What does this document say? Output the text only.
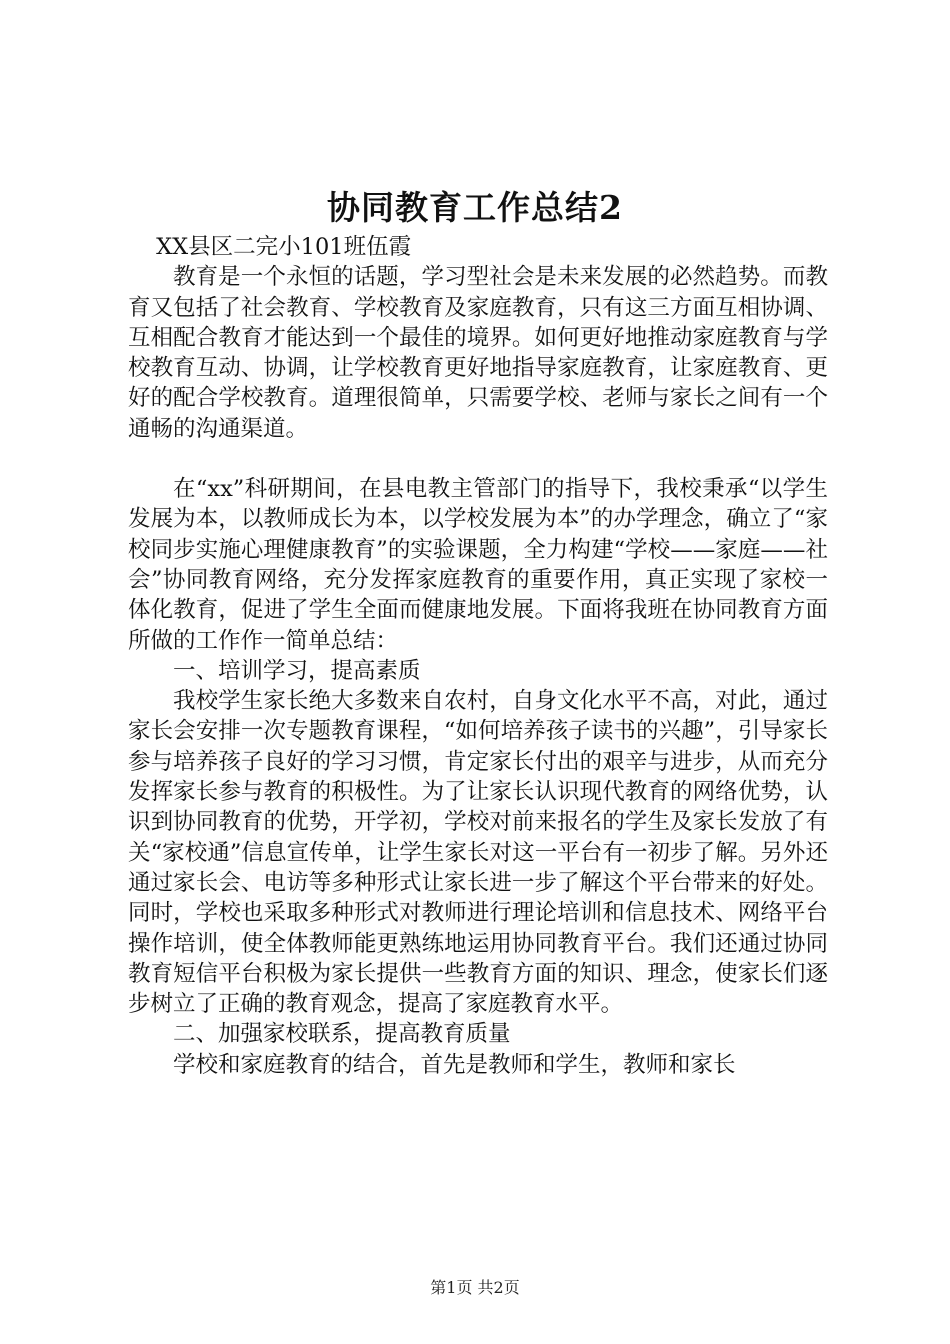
协同教育工作总结2

XX县区二完小101班伍霞

教育是一个永恒的话题，学习型社会是未来发展的必然趋势。而教育又包括了社会教育、学校教育及家庭教育，只有这三方面互相协调、互相配合教育才能达到一个最佳的境界。如何更好地推动家庭教育与学校教育互动、协调，让学校教育更好地指导家庭教育，让家庭教育、更好的配合学校教育。道理很简单，只需要学校、老师与家长之间有一个通畅的沟通渠道。

在“xx”科研期间，在县电教主管部门的指导下，我校秉承“以学生发展为本，以教师成长为本，以学校发展为本”的办学理念，确立了“家校同步实施心理健康教育”的实验课题，全力构建“学校——家庭——社会”协同教育网络，充分发挥家庭教育的重要作用，真正实现了家校一体化教育，促进了学生全面而健康地发展。下面将我班在协同教育方面所做的工作作一简单总结：

一、培训学习，提高素质

我校学生家长绝大多数来自农村，自身文化水平不高，对此，通过家长会安排一次专题教育课程，“如何培养孩子读书的兴趣”，引导家长参与培养孩子良好的学习习惯，肯定家长付出的艰辛与进步，从而充分发挥家长参与教育的积极性。为了让家长认识现代教育的网络优势，认识到协同教育的优势，开学初，学校对前来报名的学生及家长发放了有关“家校通”信息宣传单，让学生家长对这一平台有一初步了解。另外还通过家长会、电访等多种形式让家长进一步了解这个平台带来的好处。同时，学校也采取多种形式对教师进行理论培训和信息技术、网络平台操作培训，使全体教师能更熟练地运用协同教育平台。我们还通过协同教育短信平台积极为家长提供一些教育方面的知识、理念，使家长们逐步树立了正确的教育观念，提高了家庭教育水平。

二、加强家校联系，提高教育质量

学校和家庭教育的结合，首先是教师和学生，教师和家长

第1页 共2页
